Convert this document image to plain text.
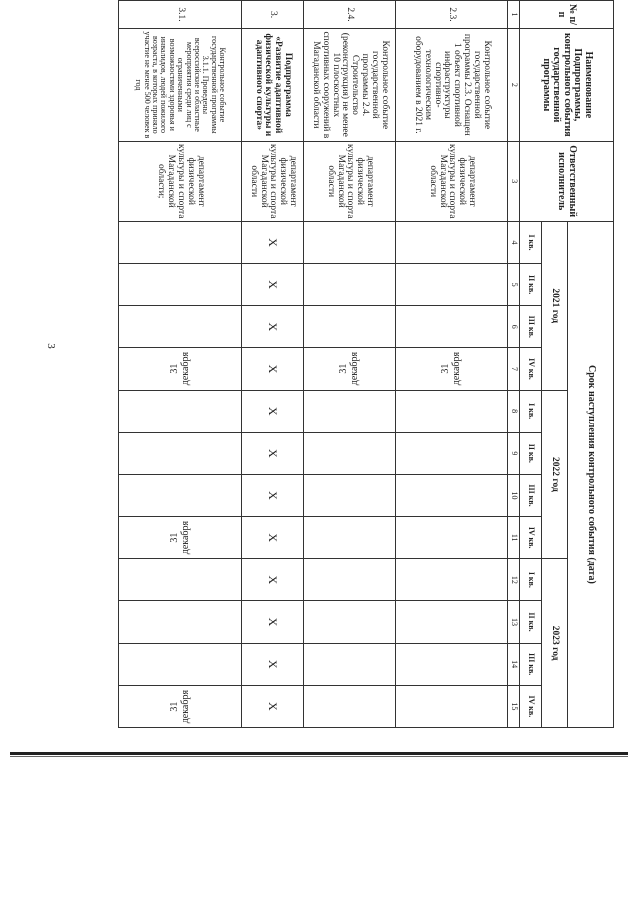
3
№ п/п	Наименование Подпрограммы, контрольного события государственной программы	Ответственный исполнитель	Срок наступления контрольного события (дата)											
			2021 год				2022 год				2023 год			
			I кв.	II кв.	III кв.	IV кв.	I кв.	II кв.	III кв.	IV кв.	I кв.	II кв.	III кв.	IV кв.
1	2	3	4	5	6	7	8	9	10	11	12	13	14	15
2.3.	Контрольное событие государственной программы 2.3. Оснащен 1 объект спортивной инфраструктуры спортивно-технологическим оборудованием в 2021 г.	департамент физической культуры и спорта Магаданской области				31 декабря								
2.4.	Контрольное событие государственной программы 2.4. Строительство (реконструкция) не менее 10 плоскостных спортивных сооружений в Магаданской области	департамент физической культуры и спорта Магаданской области				31 декабря								
3.	Подпрограмма «Развитие адаптивной физической культуры и адаптивного спорта»	департамент физической культуры и спорта Магаданской области	X	X	X	X	X	X	X	X	X	X	X	X
3.1.	Контрольное событие государственной программы 3.1.1. Проведены всероссийские и областные мероприятия среди лиц с ограниченными возможностями здоровья и инвалидов, людей пожилого возраста, в которых приняло участие не менее 500 человек в год	департамент физической культуры и спорта Магаданской области;				31 декабря				31 декабря				31 декабря
